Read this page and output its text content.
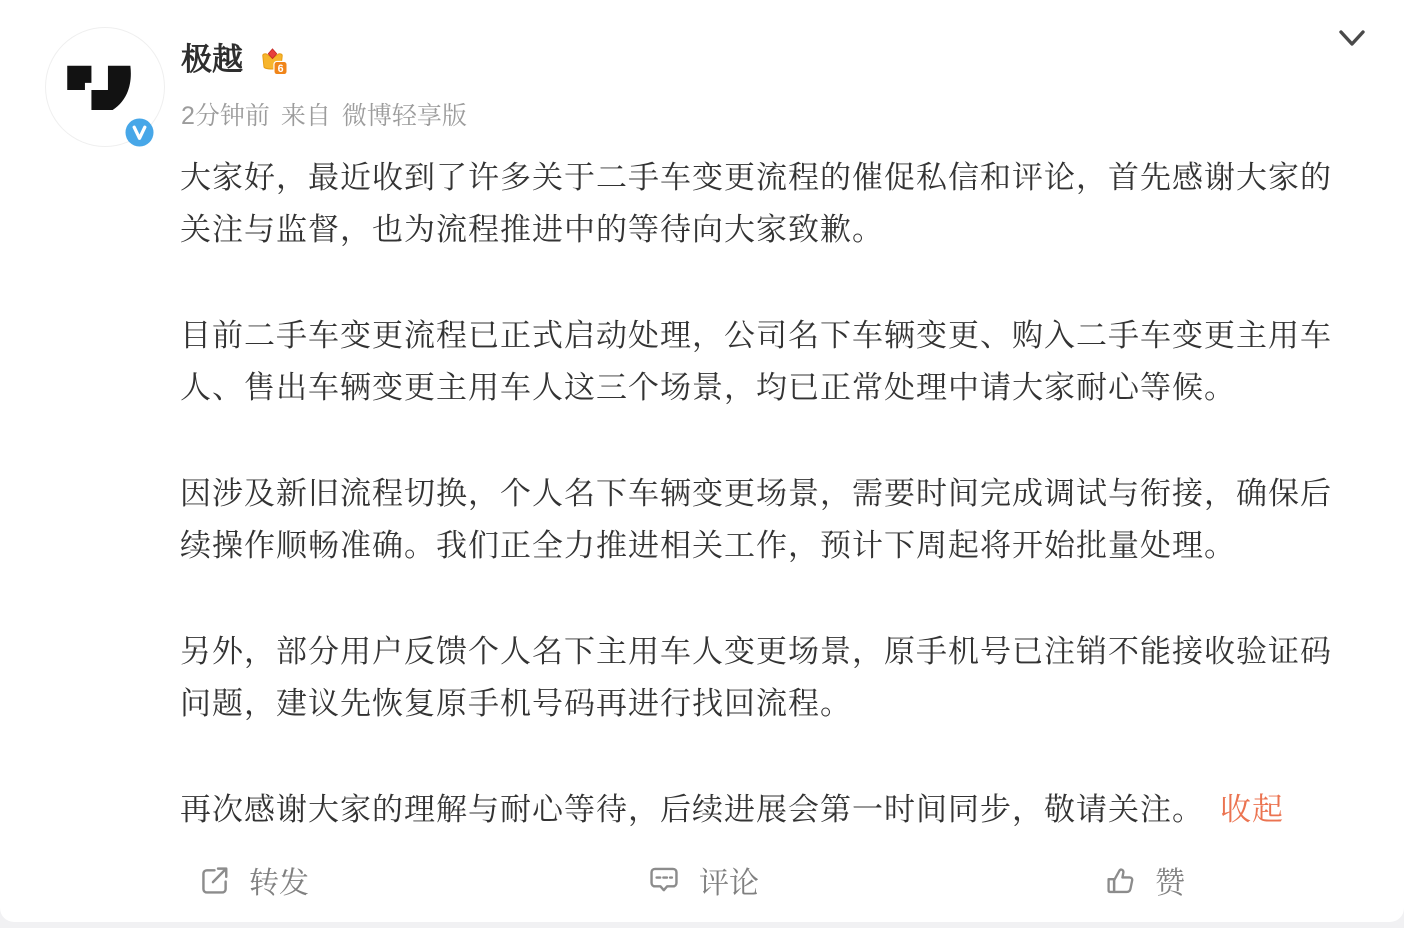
极越	6
2分钟前 来自 微博轻享版
大家好，最近收到了许多关于二手车变更流程的催促私信和评论，首先感谢大家的
关注与监督，也为流程推进中的等待向大家致歉。
目前二手车变更流程已正式启动处理，公司名下车辆变更、购入二手车变更主用车
人、售出车辆变更主用车人这三个场景，均已正常处理中请大家耐心等候。
因涉及新旧流程切换，个人名下车辆变更场景，需要时间完成调试与衔接，确保后
续操作顺畅准确。我们正全力推进相关工作，预计下周起将开始批量处理。
另外，部分用户反馈个人名下主用车人变更场景，原手机号已注销不能接收验证码
问题，建议先恢复原手机号码再进行找回流程。
再次感谢大家的理解与耐心等待，后续进展会第一时间同步，敬请关注。 收起
转发	评论	赞
